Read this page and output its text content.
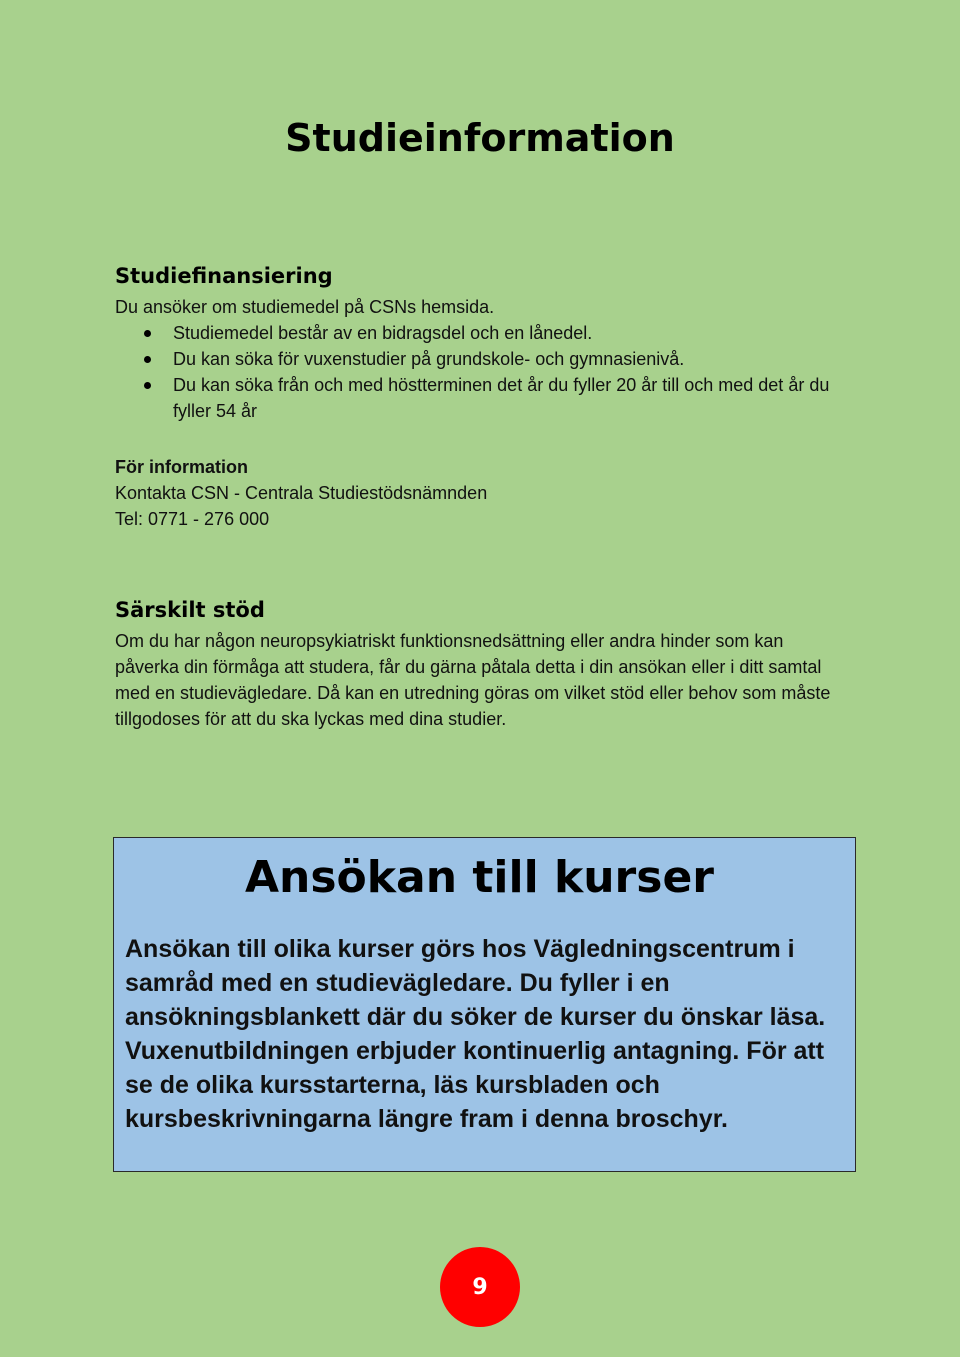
Studieinformation
Studiefinansiering

Du ansöker om studiemedel på CSNs hemsida.

Studiemedel består av en bidragsdel och en lånedel.
Du kan söka för vuxenstudier på grundskole- och gymnasienivå.
Du kan söka från och med höstterminen det år du fyller 20 år till och med det år du fyller 54 år

För information

Kontakta CSN - Centrala Studiestödsnämnden

Tel: 0771 - 276 000

Särskilt stöd

Om du har någon neuropsykiatriskt funktionsnedsättning eller andra hinder som kan påverka din förmåga att studera, får du gärna påtala detta i din ansökan eller i ditt samtal med en studievägledare. Då kan en utredning göras om vilket stöd eller behov som måste tillgodoses för att du ska lyckas med dina studier.

Ansökan till kurser

Ansökan till olika kurser görs hos Vägledningscentrum i samråd med en studievägledare. Du fyller i en ansökningsblankett där du söker de kurser du önskar läsa. Vuxenutbildningen erbjuder kontinuerlig antagning. För att se de olika kursstarterna, läs kursbladen och kursbeskrivningarna längre fram i denna broschyr.

9
